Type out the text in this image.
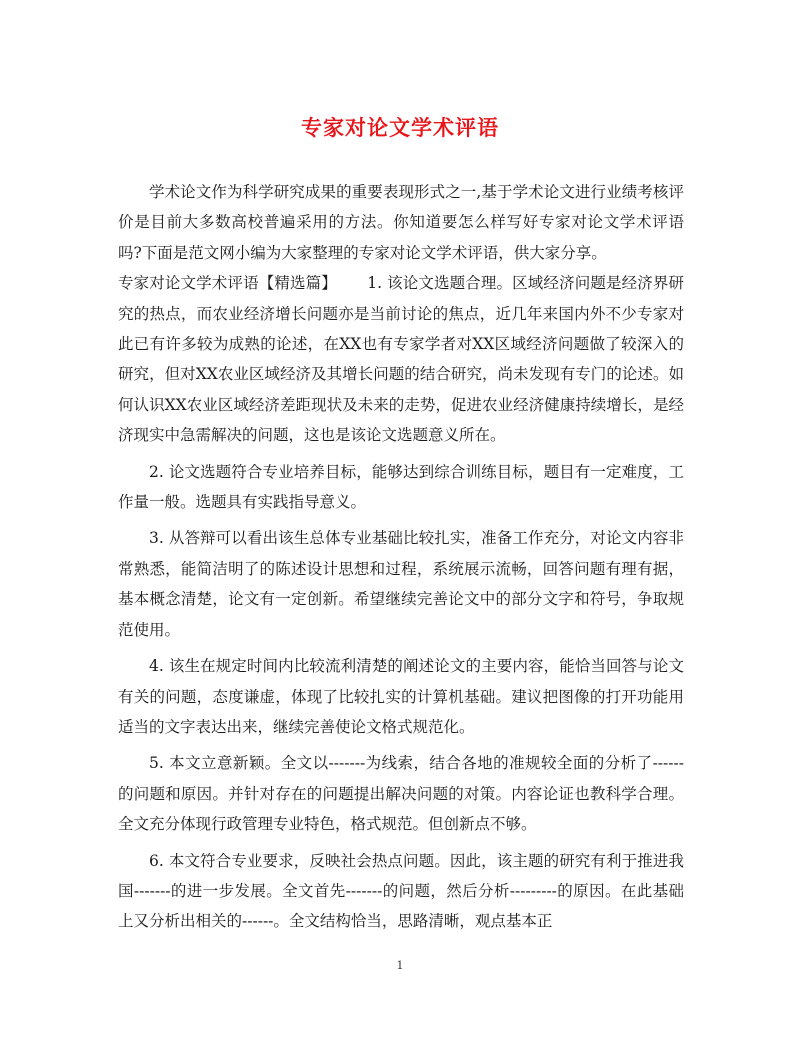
专家对论文学术评语

学术论文作为科学研究成果的重要表现形式之一,基于学术论文进行业绩考核评价是目前大多数高校普遍采用的方法。你知道要怎么样写好专家对论文学术评语吗?下面是范文网小编为大家整理的专家对论文学术评语，供大家分享。

专家对论文学术评语【精选篇】 1. 该论文选题合理。区域经济问题是经济界研究的热点，而农业经济增长问题亦是当前讨论的焦点，近几年来国内外不少专家对此已有许多较为成熟的论述，在XX也有专家学者对XX区域经济问题做了较深入的研究，但对XX农业区域经济及其增长问题的结合研究，尚未发现有专门的论述。如何认识XX农业区域经济差距现状及未来的走势，促进农业经济健康持续增长，是经济现实中急需解决的问题，这也是该论文选题意义所在。

2. 论文选题符合专业培养目标，能够达到综合训练目标，题目有一定难度，工作量一般。选题具有实践指导意义。

3. 从答辩可以看出该生总体专业基础比较扎实，准备工作充分，对论文内容非常熟悉，能简洁明了的陈述设计思想和过程，系统展示流畅，回答问题有理有据，基本概念清楚，论文有一定创新。希望继续完善论文中的部分文字和符号，争取规范使用。

4. 该生在规定时间内比较流利清楚的阐述论文的主要内容，能恰当回答与论文有关的问题，态度谦虚，体现了比较扎实的计算机基础。建议把图像的打开功能用适当的文字表达出来，继续完善使论文格式规范化。

5. 本文立意新颖。全文以-------为线索，结合各地的准规较全面的分析了------的问题和原因。并针对存在的问题提出解决问题的对策。内容论证也教科学合理。全文充分体现行政管理专业特色，格式规范。但创新点不够。

6. 本文符合专业要求，反映社会热点问题。因此，该主题的研究有利于推进我国-------的进一步发展。全文首先-------的问题，然后分析---------的原因。在此基础上又分析出相关的------。全文结构恰当，思路清晰，观点基本正

1
